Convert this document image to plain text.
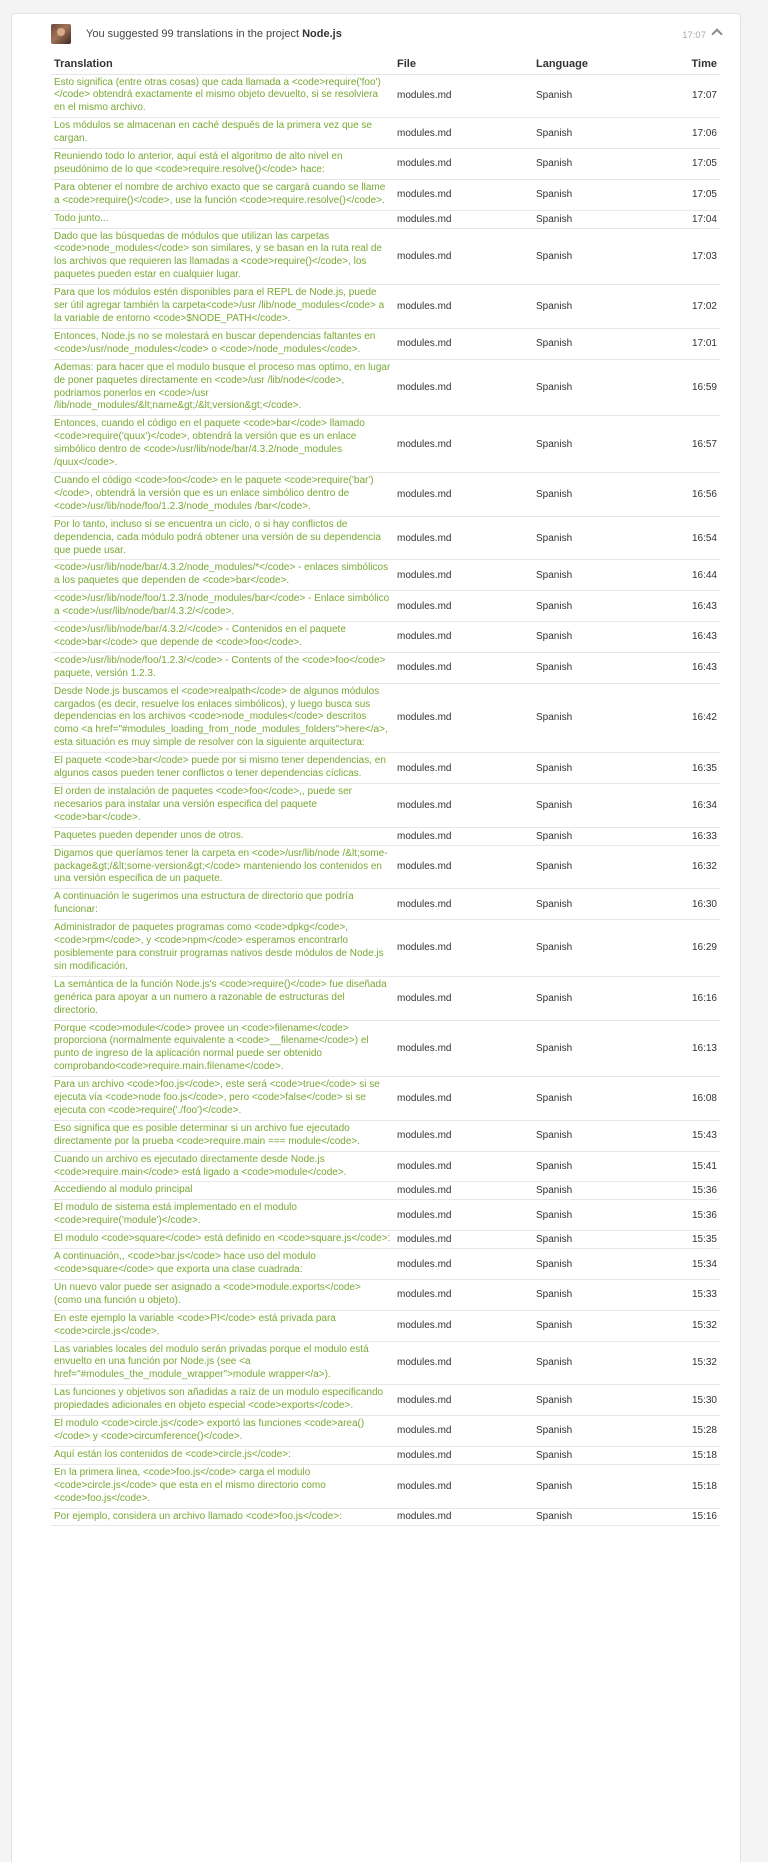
You suggested 99 translations in the project Node.js	17:07
Translation	File	Language	Time
Esto significa (entre otras cosas) que cada llamada a <code>require('foo')</code> obtendrá exactamente el mismo objeto devuelto, si se resolviera en el mismo archivo.	modules.md	Spanish	17:07
Los módulos se almacenan en caché después de la primera vez que se cargan.	modules.md	Spanish	17:06
Reuniendo todo lo anterior, aquí está el algoritmo de alto nivel en pseudónimo de lo que <code>require.resolve()</code> hace:	modules.md	Spanish	17:05
Para obtener el nombre de archivo exacto que se cargará cuando se llame a <code>require()</code>, use la función <code>require.resolve()</code>.	modules.md	Spanish	17:05
Todo junto...	modules.md	Spanish	17:04
Dado que las búsquedas de módulos que utilizan las carpetas <code>node_modules</code> son similares, y se basan en la ruta real de los archivos que requieren las llamadas a <code>require()</code>, los paquetes pueden estar en cualquier lugar.	modules.md	Spanish	17:03
Para que los módulos estén disponibles para el REPL de Node.js, puede ser útil agregar también la carpeta<code>/usr /lib/node_modules</code> a la variable de entorno <code>$NODE_PATH</code>.	modules.md	Spanish	17:02
Entonces, Node.js no se molestará en buscar dependencias faltantes en <code>/usr/node_modules</code> o <code>/node_modules</code>.	modules.md	Spanish	17:01
Ademas: para hacer que el modulo busque el proceso mas optimo, en lugar de poner paquetes directamente en <code>/usr /lib/node</code>, podriamos ponerlos en <code>/usr /lib/node_modules/&lt;name&gt;/&lt;version&gt;</code>.	modules.md	Spanish	16:59
Entonces, cuando el código en el paquete <code>bar</code> llamado <code>require('quux')</code>, obtendrá la versión que es un enlace simbólico dentro de <code>/usr/lib/node/bar/4.3.2/node_modules /quux</code>.	modules.md	Spanish	16:57
Cuando el código <code>foo</code> en le paquete <code>require('bar')</code>, obtendrá la versión que es un enlace simbólico dentro de <code>/usr/lib/node/foo/1.2.3/node_modules /bar</code>.	modules.md	Spanish	16:56
Por lo tanto, incluso si se encuentra un ciclo, o si hay conflictos de dependencia, cada módulo podrá obtener una versión de su dependencia que puede usar.	modules.md	Spanish	16:54
<code>/usr/lib/node/bar/4.3.2/node_modules/*</code> - enlaces simbólicos a los paquetes que dependen de <code>bar</code>.	modules.md	Spanish	16:44
<code>/usr/lib/node/foo/1.2.3/node_modules/bar</code> - Enlace simbólico a <code>/usr/lib/node/bar/4.3.2/</code>.	modules.md	Spanish	16:43
<code>/usr/lib/node/bar/4.3.2/</code> - Contenidos en el paquete <code>bar</code> que depende de <code>foo</code>.	modules.md	Spanish	16:43
<code>/usr/lib/node/foo/1.2.3/</code> - Contents of the <code>foo</code> paquete, versión 1.2.3.	modules.md	Spanish	16:43
Desde Node.js buscamos el <code>realpath</code> de algunos módulos cargados (es decir, resuelve los enlaces simbólicos), y luego busca sus dependencias en los archivos <code>node_modules</code> descritos como <a href="#modules_loading_from_node_modules_folders">here</a>, esta situación es muy simple de resolver con la siguiente arquitectura:	modules.md	Spanish	16:42
El paquete <code>bar</code> puede por si mismo tener dependencias, en algunos casos pueden tener conflictos o tener dependencias cíclicas.	modules.md	Spanish	16:35
El orden de instalación de paquetes <code>foo</code>,, puede ser necesarios para instalar una versión especifica del paquete <code>bar</code>.	modules.md	Spanish	16:34
Paquetes pueden depender unos de otros.	modules.md	Spanish	16:33
Digamos que queríamos tener la carpeta en <code>/usr/lib/node /&lt;some-package&gt;/&lt;some-version&gt;</code> manteniendo los contenidos en una versión especifica de un paquete.	modules.md	Spanish	16:32
A continuación le sugerimos una estructura de directorio que podría funcionar:	modules.md	Spanish	16:30
Administrador de paquetes programas como <code>dpkg</code>, <code>rpm</code>, y <code>npm</code> esperamos encontrarlo posiblemente para construir programas nativos desde módulos de Node.js sin modificación.	modules.md	Spanish	16:29
La semántica de la función Node.js's <code>require()</code> fue diseñada genérica para apoyar a un numero a razonable de estructuras del directorio.	modules.md	Spanish	16:16
Porque <code>module</code> provee un <code>filename</code> proporciona (normalmente equivalente a <code>__filename</code>) el punto de ingreso de la aplicación normal puede ser obtenido comprobando<code>require.main.filename</code>.	modules.md	Spanish	16:13
Para un archivo <code>foo.js</code>, este será <code>true</code> si se ejecuta vía <code>node foo.js</code>, pero <code>false</code> si se ejecuta con <code>require('./foo')</code>.	modules.md	Spanish	16:08
Eso significa que es posible determinar si un archivo fue ejecutado directamente por la prueba <code>require.main === module</code>.	modules.md	Spanish	15:43
Cuando un archivo es ejecutado directamente desde Node.js <code>require.main</code> está ligado a <code>module</code>.	modules.md	Spanish	15:41
Accediendo al modulo principal	modules.md	Spanish	15:36
El modulo de sistema está implementado en el modulo <code>require('module')</code>.	modules.md	Spanish	15:36
El modulo <code>square</code> está definido en <code>square.js</code>:	modules.md	Spanish	15:35
A continuación,, <code>bar.js</code> hace uso del modulo <code>square</code> que exporta una clase cuadrada:	modules.md	Spanish	15:34
Un nuevo valor puede ser asignado a <code>module.exports</code> (como una función u objeto).	modules.md	Spanish	15:33
En este ejemplo la variable <code>PI</code> está privada para <code>circle.js</code>.	modules.md	Spanish	15:32
Las variables locales del modulo serán privadas porque el modulo está envuelto en una función por Node.js (see <a href="#modules_the_module_wrapper">module wrapper</a>).	modules.md	Spanish	15:32
Las funciones y objetivos son añadidas a raíz de un modulo especificando propiedades adicionales en objeto especial <code>exports</code>.	modules.md	Spanish	15:30
El modulo <code>circle.js</code> exportó las funciones <code>area() </code> y <code>circumference()</code>.	modules.md	Spanish	15:28
Aquí están los contenidos de <code>circle.js</code>:	modules.md	Spanish	15:18
En la primera linea, <code>foo.js</code> carga el modulo <code>circle.js</code> que esta en el mismo directorio como <code>foo.js</code>.	modules.md	Spanish	15:18
Por ejemplo, considera un archivo llamado <code>foo.js</code>:	modules.md	Spanish	15:16
